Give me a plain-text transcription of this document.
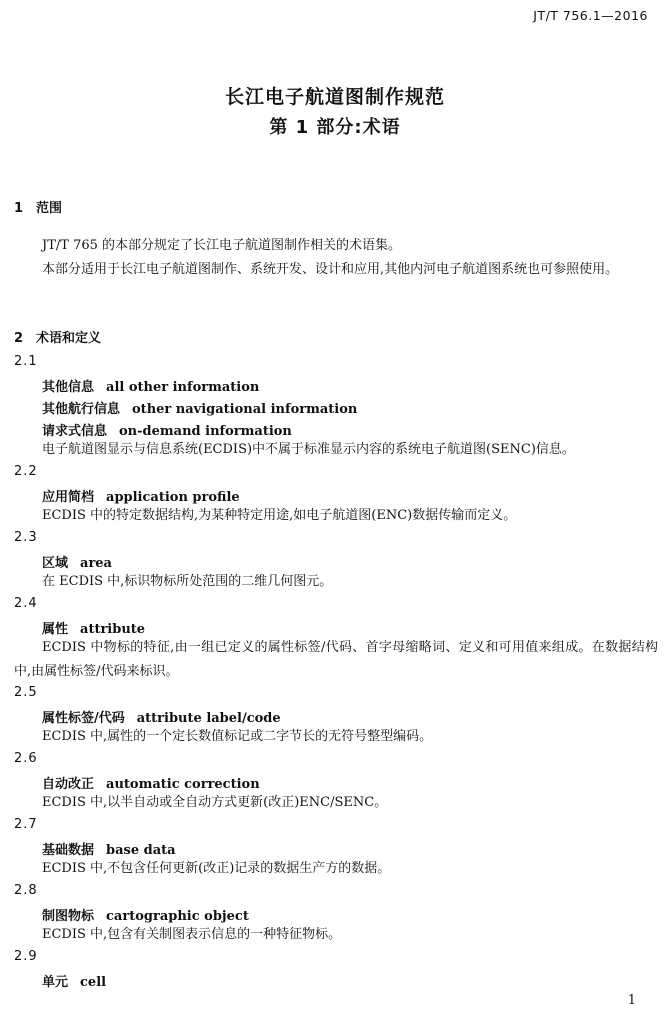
JT/T 756.1—2016
长江电子航道图制作规范
第 1 部分:术语
1 范围
JT/T 765 的本部分规定了长江电子航道图制作相关的术语集。
本部分适用于长江电子航道图制作、系统开发、设计和应用,其他内河电子航道图系统也可参照使用。
2 术语和定义
2.1
其他信息 all other information
其他航行信息 other navigational information
请求式信息 on-demand information
电子航道图显示与信息系统(ECDIS)中不属于标准显示内容的系统电子航道图(SENC)信息。
2.2
应用简档 application profile
ECDIS 中的特定数据结构,为某种特定用途,如电子航道图(ENC)数据传输而定义。
2.3
区域 area
在 ECDIS 中,标识物标所处范围的二维几何图元。
2.4
属性 attribute
ECDIS 中物标的特征,由一组已定义的属性标签/代码、首字母缩略词、定义和可用值来组成。在数据结构中,由属性标签/代码来标识。
2.5
属性标签/代码 attribute label/code
ECDIS 中,属性的一个定长数值标记或二字节长的无符号整型编码。
2.6
自动改正 automatic correction
ECDIS 中,以半自动或全自动方式更新(改正)ENC/SENC。
2.7
基础数据 base data
ECDIS 中,不包含任何更新(改正)记录的数据生产方的数据。
2.8
制图物标 cartographic object
ECDIS 中,包含有关制图表示信息的一种特征物标。
2.9
单元 cell
1
